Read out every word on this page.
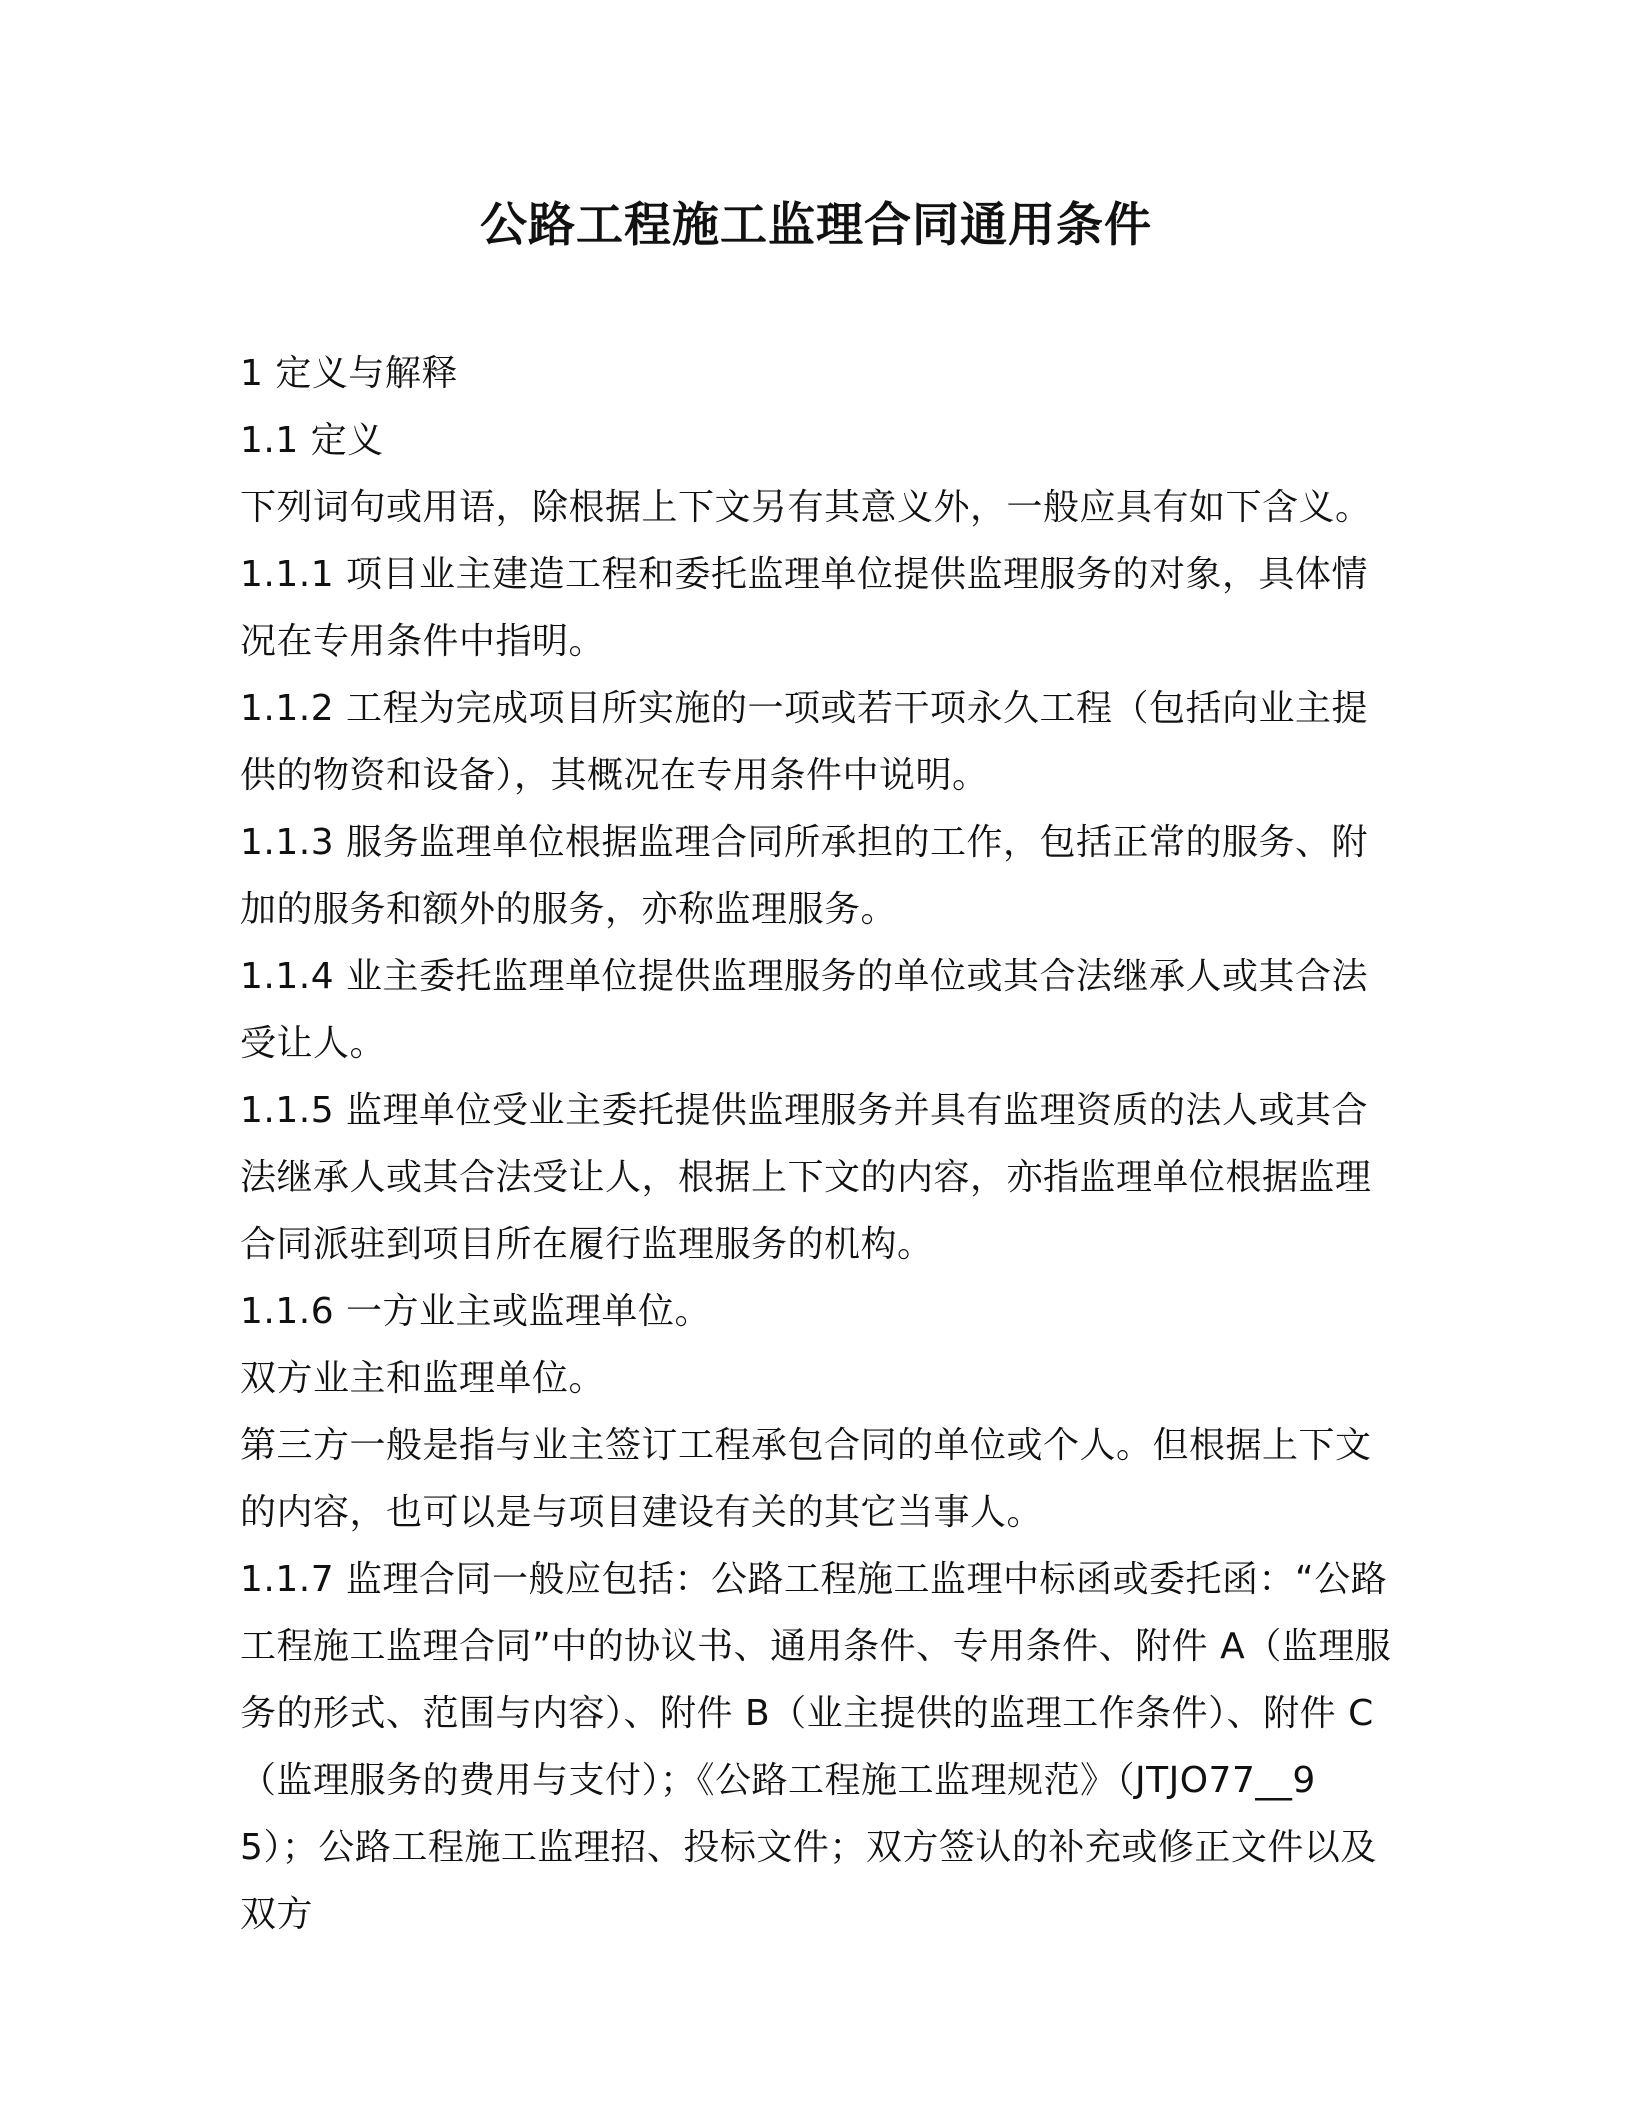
公路工程施工监理合同通用条件

1 定义与解释

1.1 定义

下列词句或用语，除根据上下文另有其意义外，一般应具有如下含义。

1.1.1 项目业主建造工程和委托监理单位提供监理服务的对象，具体情况在专用条件中指明。

1.1.2 工程为完成项目所实施的一项或若干项永久工程（包括向业主提供的物资和设备），其概况在专用条件中说明。

1.1.3 服务监理单位根据监理合同所承担的工作，包括正常的服务、附加的服务和额外的服务，亦称监理服务。

1.1.4 业主委托监理单位提供监理服务的单位或其合法继承人或其合法受让人。

1.1.5 监理单位受业主委托提供监理服务并具有监理资质的法人或其合法继承人或其合法受让人，根据上下文的内容，亦指监理单位根据监理合同派驻到项目所在履行监理服务的机构。

1.1.6 一方业主或监理单位。

双方业主和监理单位。

第三方一般是指与业主签订工程承包合同的单位或个人。但根据上下文的内容，也可以是与项目建设有关的其它当事人。

1.1.7 监理合同一般应包括：公路工程施工监理中标函或委托函：“公路工程施工监理合同”中的协议书、通用条件、专用条件、附件 A（监理服务的形式、范围与内容）、附件 B（业主提供的监理工作条件）、附件 C（监理服务的费用与支付）；《公路工程施工监理规范》（JTJO77__95）；公路工程施工监理招、投标文件；双方签认的补充或修正文件以及双方
